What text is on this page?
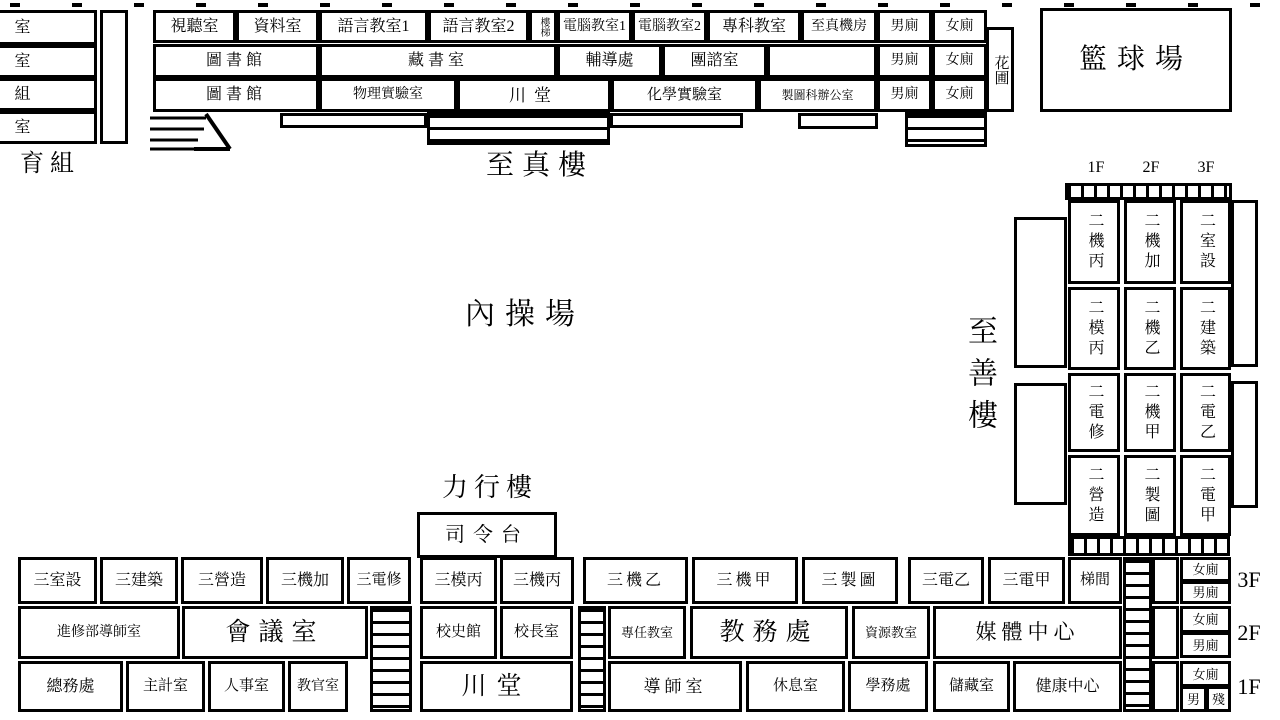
室
室
組
室
育組
視聽室 資料室 語言教室1 語言教室2 樓梯 電腦教室1 電腦教室2 專科教室 至真機房 男廁 女廁
圖書館	藏書室	輔導處	團諮室	男廁 女廁
圖書館	物理實驗室	川堂	化學實驗室	製圖科辦公室	男廁 女廁
花圃	籃球場
至真樓
內操場
1F 2F 3F
二機丙 二機加 二室設
二模丙 二機乙 二建築
二電修 二機甲 二電乙
二營造 二製圖 二電甲
至善樓
力行樓
司令台
三室設 三建築 三營造 三機加 三電修 三模丙 三機丙	三機乙	三機甲	三製圖	三電乙 三電甲 梯間
女廁
男廁
3F
進修部導師室	會議室	校史館 校長室	專任教室 教務處	資源教室	媒體中心
女廁
男廁 2F
總務處	主計室 人事室 教官室	川堂	導師室	休息室	學務處	儲藏室	健康中心
女廁
男 殘 1F
